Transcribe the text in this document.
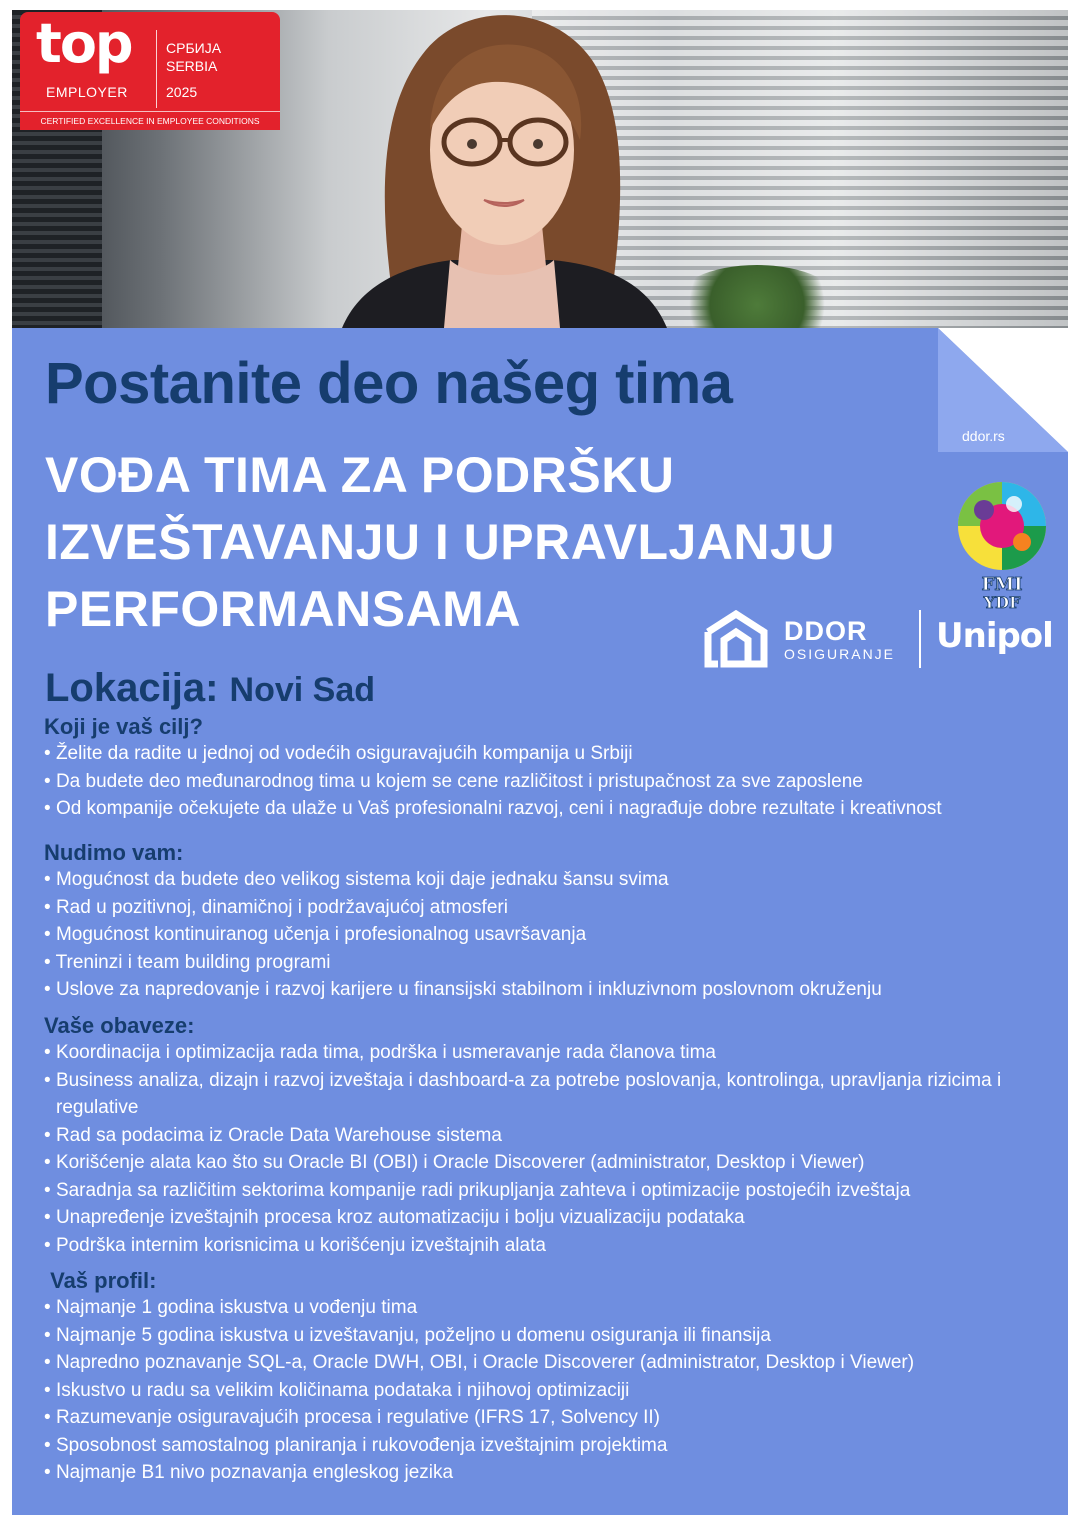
top
EMPLOYER
СРБИЈА
SERBIA
2025
CERTIFIED EXCELLENCE IN EMPLOYEE CONDITIONS
ddor.rs
Postanite deo našeg tima
VOĐA TIMA ZA PODRŠKU IZVEŠTAVANJU I UPRAVLJANJU PERFORMANSAMA	FMI
YDF
DDOR
OSIGURANJE Unipol
Lokacija: Novi Sad
Koji je vaš cilj?
• Želite da radite u jednoj od vodećih osiguravajućih kompanija u Srbiji
• Da budete deo međunarodnog tima u kojem se cene različitost i pristupačnost za sve zaposlene
• Od kompanije očekujete da ulaže u Vaš profesionalni razvoj, ceni i nagrađuje dobre rezultate i kreativnost
Nudimo vam:
• Mogućnost da budete deo velikog sistema koji daje jednaku šansu svima
• Rad u pozitivnoj, dinamičnoj i podržavajućoj atmosferi
• Mogućnost kontinuiranog učenja i profesionalnog usavršavanja
• Treninzi i team building programi
• Uslove za napredovanje i razvoj karijere u finansijski stabilnom i inkluzivnom poslovnom okruženju
Vaše obaveze:
• Koordinacija i optimizacija rada tima, podrška i usmeravanje rada članova tima
• Business analiza, dizajn i razvoj izveštaja i dashboard-a za potrebe poslovanja, kontrolinga, upravljanja rizicima i regulative
• Rad sa podacima iz Oracle Data Warehouse sistema
• Korišćenje alata kao što su Oracle BI (OBI) i Oracle Discoverer (administrator, Desktop i Viewer)
• Saradnja sa različitim sektorima kompanije radi prikupljanja zahteva i optimizacije postojećih izveštaja
• Unapređenje izveštajnih procesa kroz automatizaciju i bolju vizualizaciju podataka
• Podrška internim korisnicima u korišćenju izveštajnih alata
Vaš profil:
• Najmanje 1 godina iskustva u vođenju tima
• Najmanje 5 godina iskustva u izveštavanju, poželjno u domenu osiguranja ili finansija
• Napredno poznavanje SQL-a, Oracle DWH, OBI, i Oracle Discoverer (administrator, Desktop i Viewer)
• Iskustvo u radu sa velikim količinama podataka i njihovoj optimizaciji
• Razumevanje osiguravajućih procesa i regulative (IFRS 17, Solvency II)
• Sposobnost samostalnog planiranja i rukovođenja izveštajnim projektima
• Najmanje B1 nivo poznavanja engleskog jezika
